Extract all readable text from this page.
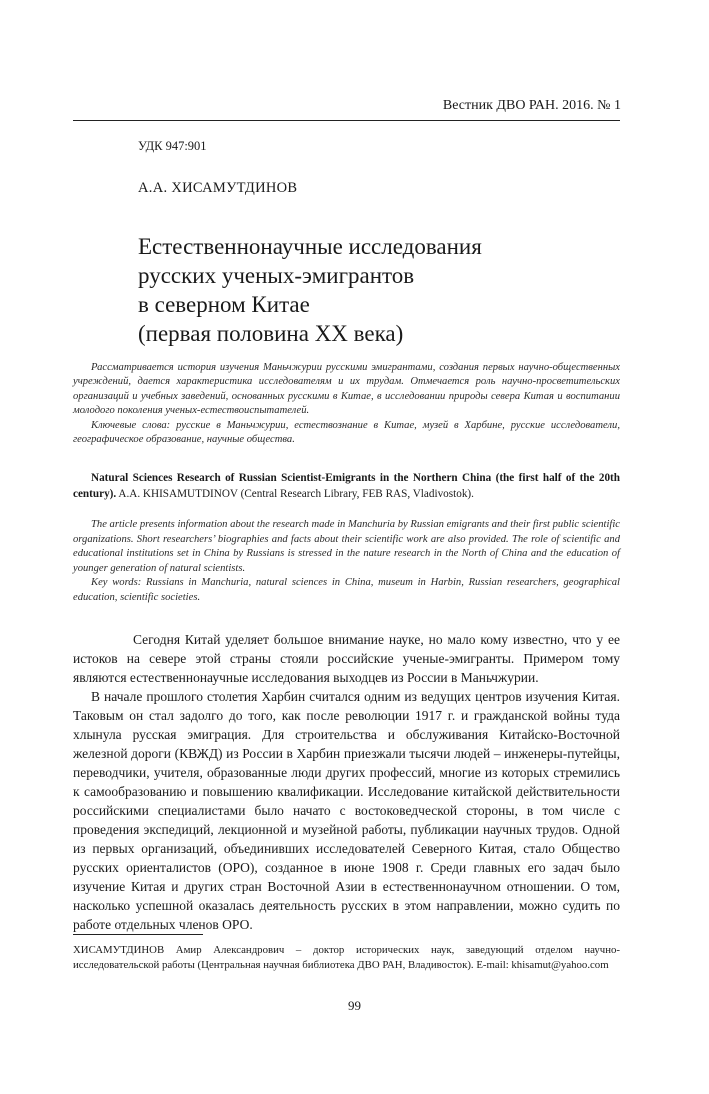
Вестник ДВО РАН. 2016. № 1
УДК 947:901
А.А. ХИСАМУТДИНОВ
Естественнонаучные исследования
русских ученых-эмигрантов
в северном Китае
(первая половина XX века)

Рассматривается история изучения Маньчжурии русскими эмигрантами, создания первых научно-общественных учреждений, дается характеристика исследователям и их трудам. Отмечается роль научно-просветительских организаций и учебных заведений, основанных русскими в Китае, в исследовании природы севера Китая и воспитании молодого поколения ученых-естествоиспытателей.

Ключевые слова: русские в Маньчжурии, естествознание в Китае, музей в Харбине, русские исследователи, географическое образование, научные общества.

Natural Sciences Research of Russian Scientist-Emigrants in the Northern China (the first half of the 20th century). A.A. KHISAMUTDINOV (Central Research Library, FEB RAS, Vladivostok).

The article presents information about the research made in Manchuria by Russian emigrants and their first public scientific organizations. Short researchers’ biographies and facts about their scientific work are also provided. The role of scientific and educational institutions set in China by Russians is stressed in the nature research in the North of China and the education of younger generation of natural scientists.

Key words: Russians in Manchuria, natural sciences in China, museum in Harbin, Russian researchers, geographical education, scientific societies.

Сегодня Китай уделяет большое внимание науке, но мало кому известно, что у ее истоков на севере этой страны стояли российские ученые-эмигранты. Примером тому являются естественнонаучные исследования выходцев из России в Маньчжурии.

В начале прошлого столетия Харбин считался одним из ведущих центров изучения Китая. Таковым он стал задолго до того, как после революции 1917 г. и гражданской войны туда хлынула русская эмиграция. Для строительства и обслуживания Китайско-Восточной железной дороги (КВЖД) из России в Харбин приезжали тысячи людей – инженеры-путейцы, переводчики, учителя, образованные люди других профессий, многие из которых стремились к самообразованию и повышению квалификации. Исследование китайской действительности российскими специалистами было начато с востоковедческой стороны, в том числе с проведения экспедиций, лекционной и музейной работы, публикации научных трудов. Одной из первых организаций, объединивших исследователей Северного Китая, стало Общество русских ориенталистов (ОРО), созданное в июне 1908 г. Среди главных его задач было изучение Китая и других стран Восточной Азии в естественнонаучном отношении. О том, насколько успешной оказалась деятельность русских в этом направлении, можно судить по работе отдельных членов ОРО.

ХИСАМУТДИНОВ Амир Александрович – доктор исторических наук, заведующий отделом научно-исследовательской работы (Центральная научная библиотека ДВО РАН, Владивосток). E-mail: khisamut@yahoo.com
99
